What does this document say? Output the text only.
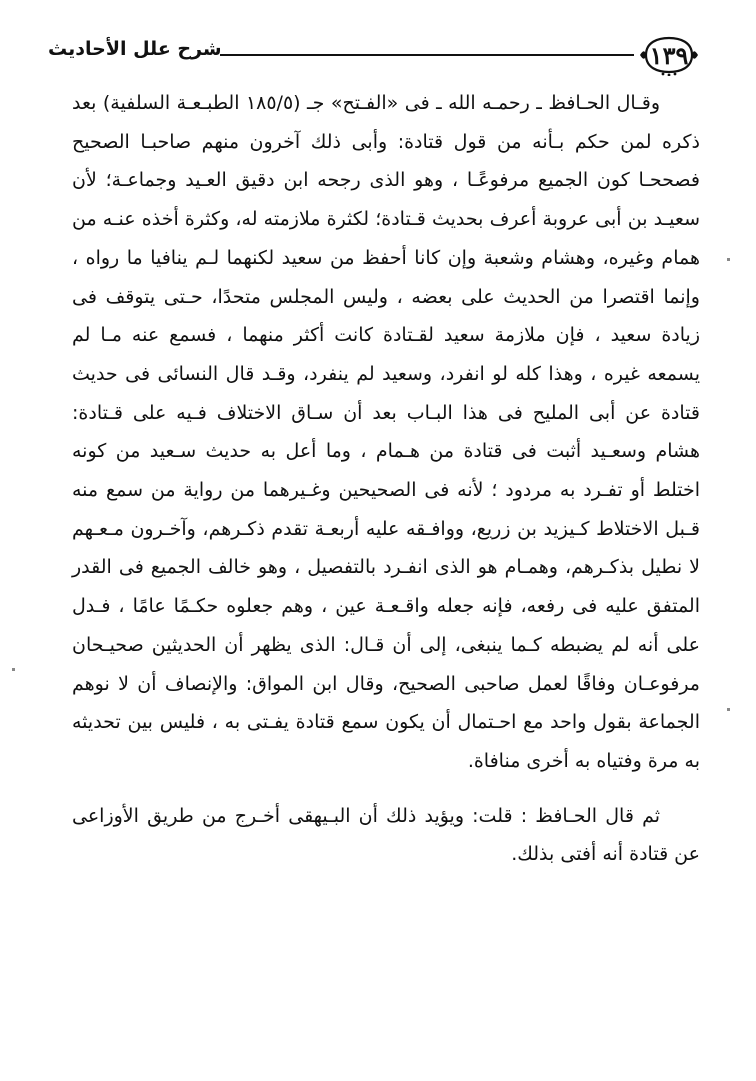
١٣٩
شرح علل الأحاديث

وقـال الحـافظ ـ رحمـه الله ـ فى «الفـتح» جـ (١٨٥/٥ الطبـعـة السلفية) بعد ذكره لمن حكم بـأنه من قول قتادة: وأبى ذلك آخرون منهم صاحبـا الصحيح فصححـا كون الجميع مرفوعًـا ، وهو الذى رجحه ابن دقيق العـيد وجماعـة؛ لأن سعيـد بن أبى عروبة أعرف بحديث قـتادة؛ لكثرة ملازمته له، وكثرة أخذه عنـه من همام وغيره، وهشام وشعبة وإن كانا أحفظ من سعيد لكنهما لـم ينافيا ما رواه ، وإنما اقتصرا من الحديث على بعضه ، وليس المجلس متحدًا، حـتى يتوقف فى زيادة سعيد ، فإن ملازمة سعيد لقـتادة كانت أكثر منهما ، فسمع عنه مـا لم يسمعه غيره ، وهذا كله لو انفرد، وسعيد لم ينفرد، وقـد قال النسائى فى حديث قتادة عن أبى المليح فى هذا البـاب بعد أن سـاق الاختلاف فـيه على قـتادة: هشام وسعـيد أثبت فى قتادة من هـمام ، وما أعل به حديث سـعيد من كونه اختلط أو تفـرد به مردود ؛ لأنه فى الصحيحين وغـيرهما من رواية من سمع منه قـبل الاختلاط كـيزيد بن زريع، ووافـقه عليه أربعـة تقدم ذكـرهم، وآخـرون مـعـهم لا نطيل بذكـرهم، وهمـام هو الذى انفـرد بالتفصيل ، وهو خالف الجميع فى القدر المتفق عليه فى رفعه، فإنه جعله واقـعـة عين ، وهم جعلوه حكـمًا عامًا ، فـدل على أنه لم يضبطه كـما ينبغى، إلى أن قـال: الذى يظهر أن الحديثين صحيـحان مرفوعـان وفاقًا لعمل صاحبى الصحيح، وقال ابن المواق: والإنصاف أن لا نوهم الجماعة بقول واحد مع احـتمال أن يكون سمع قتادة يفـتى به ، فليس بين تحديثه به مرة وفتياه به أخرى منافاة.

ثم قال الحـافظ : قلت: ويؤيد ذلك أن البـيهقى أخـرج من طريق الأوزاعى عن قتادة أنه أفتى بذلك.
